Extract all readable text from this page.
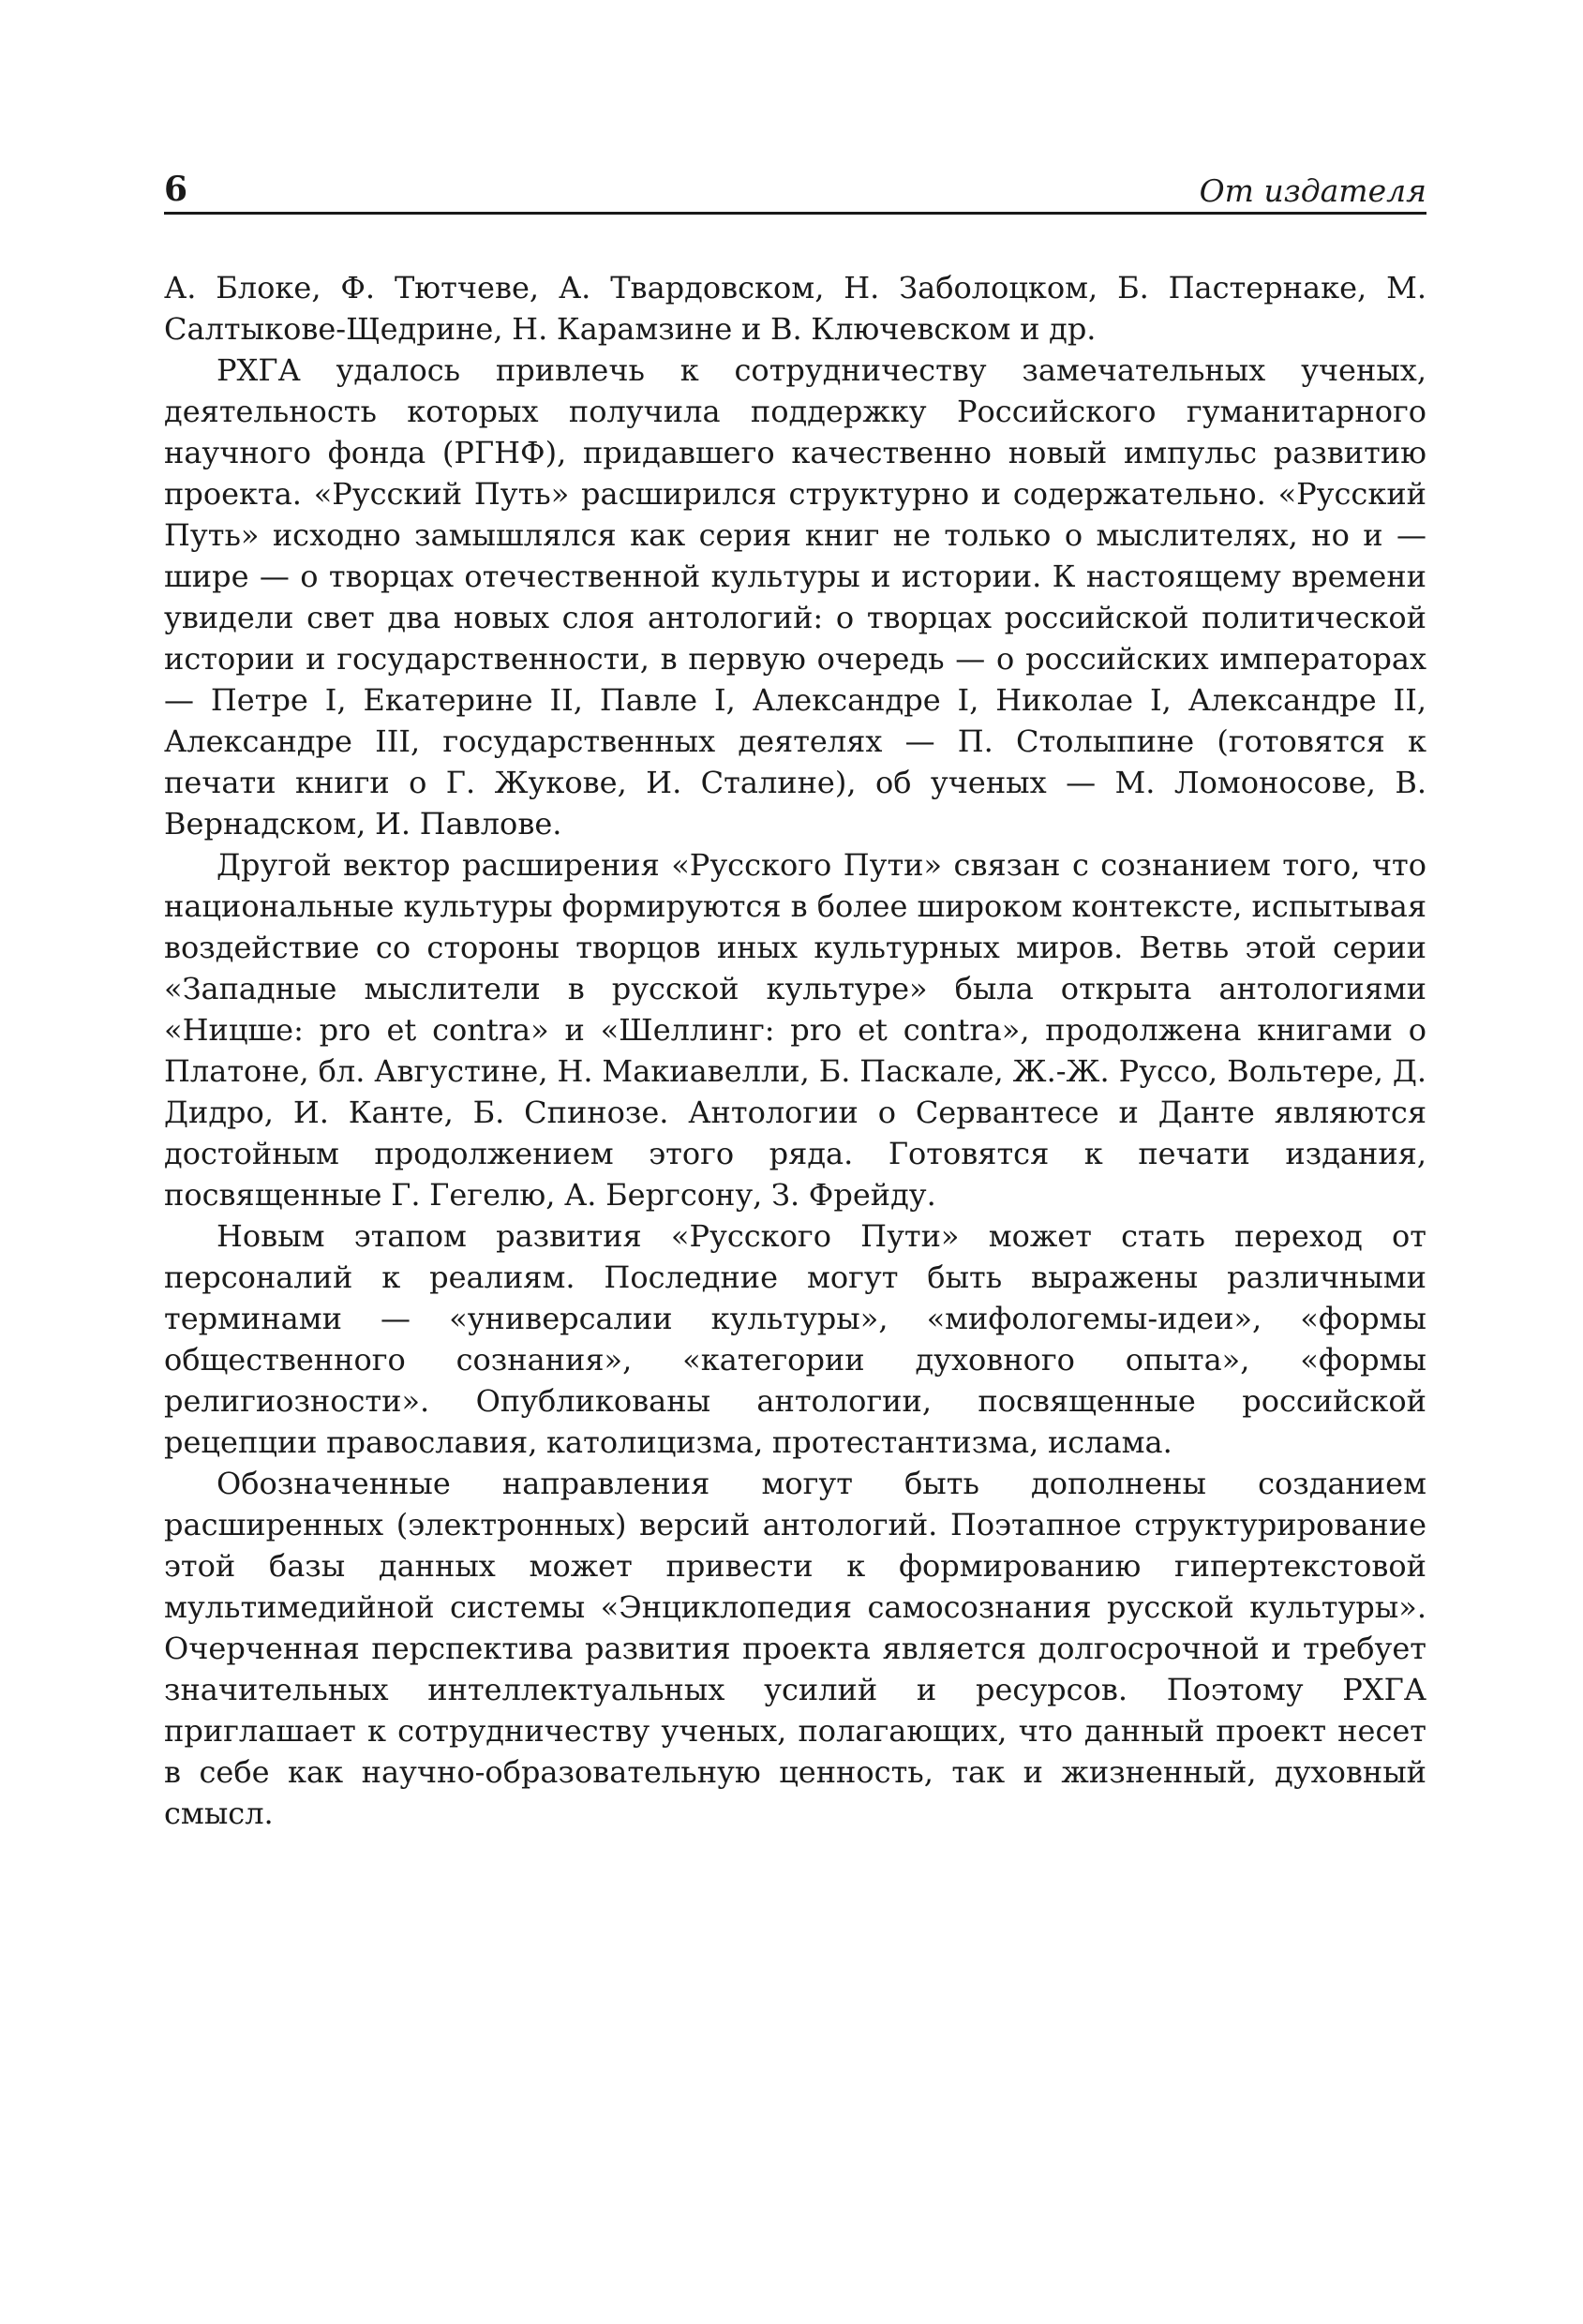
6	От издателя

А. Блоке, Ф. Тютчеве, А. Твардовском, Н. Заболоцком, Б. Пастернаке, М. Салтыкове-Щедрине, Н. Карамзине и В. Ключевском и др.

РХГА удалось привлечь к сотрудничеству замечательных ученых, деятельность которых получила поддержку Российского гуманитарного научного фонда (РГНФ), придавшего качественно новый импульс развитию проекта. «Русский Путь» расширился структурно и содержательно. «Русский Путь» исходно замышлялся как серия книг не только о мыслителях, но и — шире — о творцах отечественной культуры и истории. К настоящему времени увидели свет два новых слоя антологий: о творцах российской политической истории и государственности, в первую очередь — о российских императорах — Петре I, Екатерине II, Павле I, Александре I, Николае I, Александре II, Александре III, государственных деятелях — П. Столыпине (готовятся к печати книги о Г. Жукове, И. Сталине), об ученых — М. Ломоносове, В. Вернадском, И. Павлове.

Другой вектор расширения «Русского Пути» связан с сознанием того, что национальные культуры формируются в более широком контексте, испытывая воздействие со стороны творцов иных культурных миров. Ветвь этой серии «Западные мыслители в русской культуре» была открыта антологиями «Ницше: pro et contra» и «Шеллинг: pro et contra», продолжена книгами о Платоне, бл. Августине, Н. Макиавелли, Б. Паскале, Ж.-Ж. Руссо, Вольтере, Д. Дидро, И. Канте, Б. Спинозе. Антологии о Сервантесе и Данте являются достойным продолжением этого ряда. Готовятся к печати издания, посвященные Г. Гегелю, А. Бергсону, З. Фрейду.

Новым этапом развития «Русского Пути» может стать переход от персоналий к реалиям. Последние могут быть выражены различными терминами — «универсалии культуры», «мифологемы-идеи», «формы общественного сознания», «категории духовного опыта», «формы религиозности». Опубликованы антологии, посвященные российской рецепции православия, католицизма, протестантизма, ислама.

Обозначенные направления могут быть дополнены созданием расширенных (электронных) версий антологий. Поэтапное структурирование этой базы данных может привести к формированию гипертекстовой мультимедийной системы «Энциклопедия самосознания русской культуры». Очерченная перспектива развития проекта является долгосрочной и требует значительных интеллектуальных усилий и ресурсов. Поэтому РХГА приглашает к сотрудничеству ученых, полагающих, что данный проект несет в себе как научно-образовательную ценность, так и жизненный, духовный смысл.
